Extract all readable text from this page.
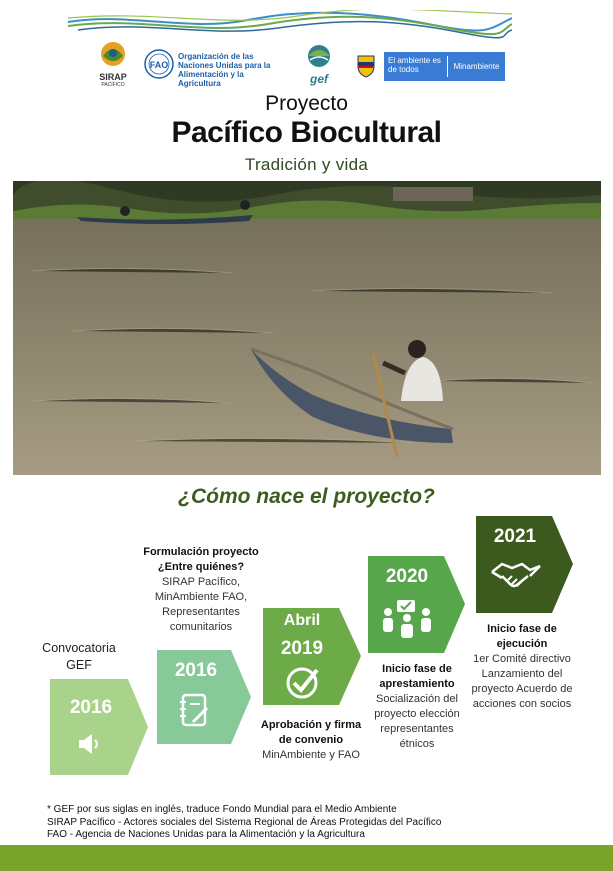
SIRAP
PACÍFICO
FAO
Organización de las Naciones Unidas para la Alimentación y la Agricultura	gef
El ambiente es de todos	Minambiente
Proyecto
Pacífico Biocultural
Tradición y vida
¿Cómo nace el proyecto?
2016
Convocatoria GEF	2016
Formulación proyecto ¿Entre quiénes?
SIRAP Pacífico, MinAmbiente FAO, Representantes comunitarios	Abril
2019
Aprobación y firma de convenio
MinAmbiente y FAO
2020
Inicio fase de aprestamiento
Socialización del proyecto elección representantes étnicos
2021
Inicio fase de ejecución
1er Comité directivo Lanzamiento del proyecto Acuerdo de acciones con socios
* GEF por sus siglas en inglés, traduce Fondo Mundial para el Medio Ambiente
SIRAP Pacífico - Actores sociales del Sistema Regional de Áreas Protegidas del Pacífico
FAO - Agencia de Naciones Unidas para la Alimentación y la Agricultura
